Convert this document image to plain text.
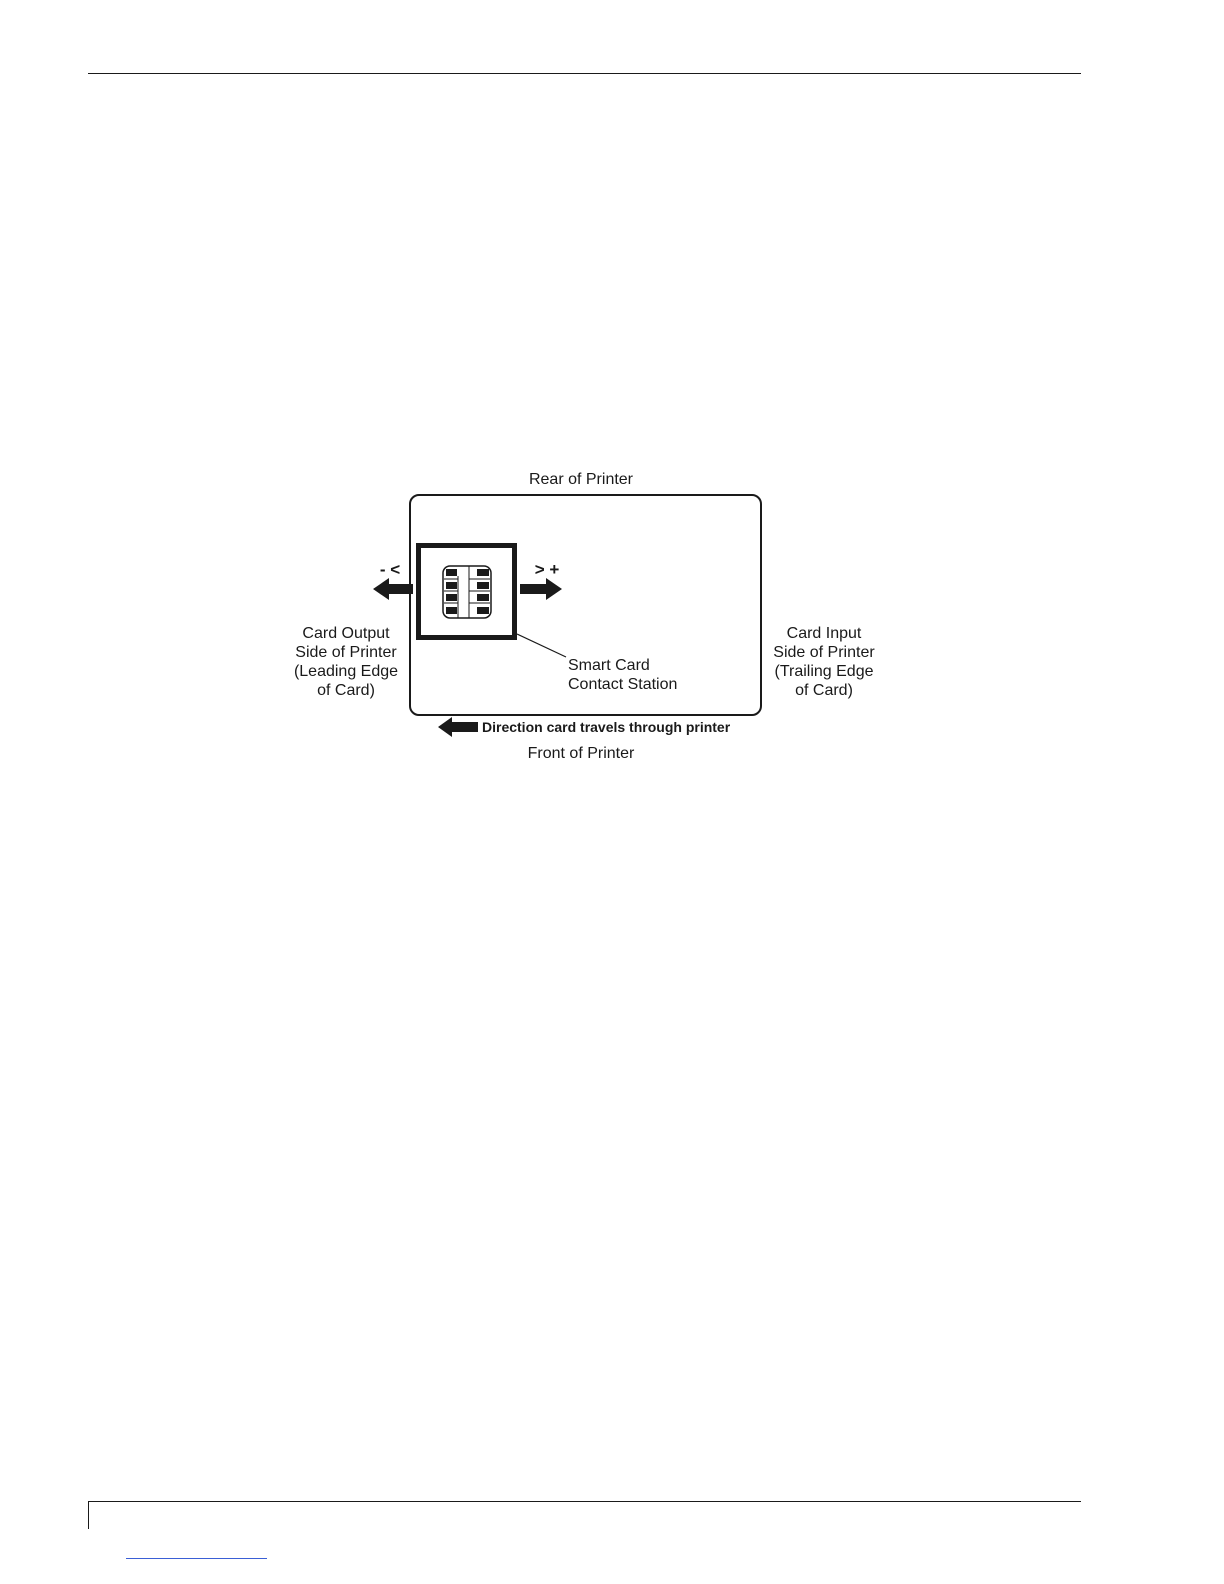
Rear of Printer
- <	> +
Smart Card
Contact Station
Card Output
Side of Printer
(Leading Edge
of Card)
Card Input
Side of Printer
(Trailing Edge
of Card)
Direction card travels through printer
Front of Printer
